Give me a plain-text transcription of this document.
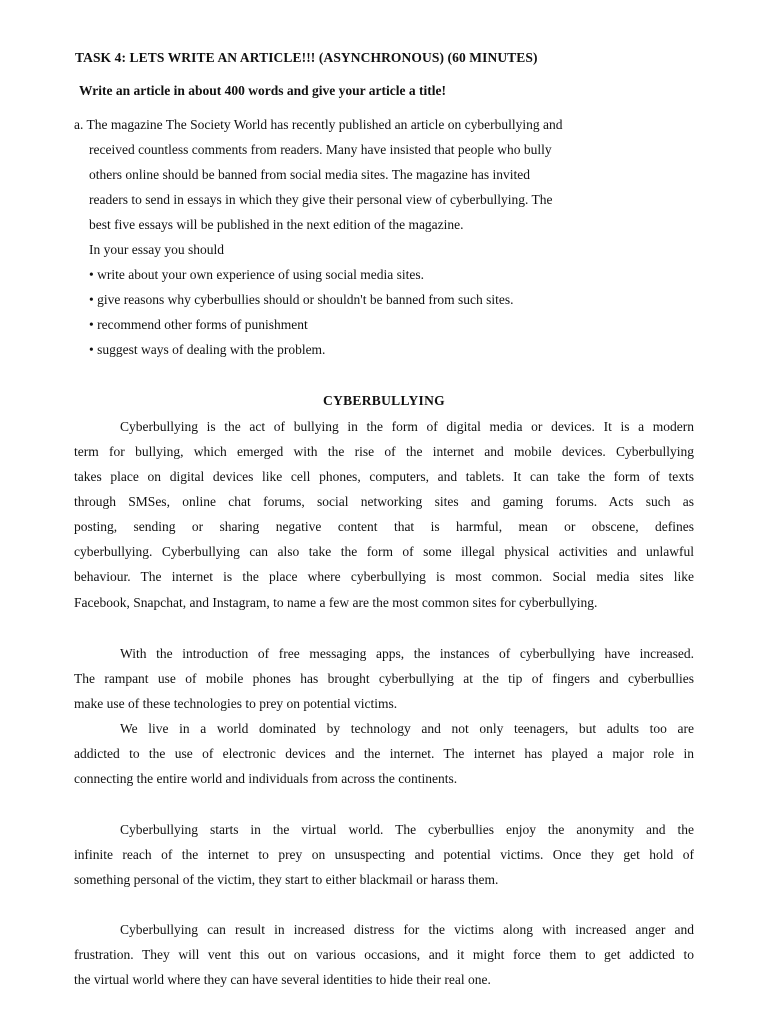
TASK 4: LETS WRITE AN ARTICLE!!! (ASYNCHRONOUS) (60 MINUTES)
Write an article in about 400 words and give your article a title!
a. The magazine The Society World has recently published an article on cyberbullying and
received countless comments from readers. Many have insisted that people who bully
others online should be banned from social media sites. The magazine has invited
readers to send in essays in which they give their personal view of cyberbullying. The
best five essays will be published in the next edition of the magazine.
In your essay you should
• write about your own experience of using social media sites.
• give reasons why cyberbullies should or shouldn't be banned from such sites.
• recommend other forms of punishment
• suggest ways of dealing with the problem.
CYBERBULLYING
Cyberbullying is the act of bullying in the form of digital media or devices. It is a modern
term for bullying, which emerged with the rise of the internet and mobile devices. Cyberbullying
takes place on digital devices like cell phones, computers, and tablets. It can take the form of texts
through SMSes, online chat forums, social networking sites and gaming forums. Acts such as
posting, sending or sharing negative content that is harmful, mean or obscene, defines
cyberbullying. Cyberbullying can also take the form of some illegal physical activities and unlawful
behaviour. The internet is the place where cyberbullying is most common. Social media sites like
Facebook, Snapchat, and Instagram, to name a few are the most common sites for cyberbullying.
With the introduction of free messaging apps, the instances of cyberbullying have increased.
The rampant use of mobile phones has brought cyberbullying at the tip of fingers and cyberbullies
make use of these technologies to prey on potential victims.
We live in a world dominated by technology and not only teenagers, but adults too are
addicted to the use of electronic devices and the internet. The internet has played a major role in
connecting the entire world and individuals from across the continents.
Cyberbullying starts in the virtual world. The cyberbullies enjoy the anonymity and the
infinite reach of the internet to prey on unsuspecting and potential victims. Once they get hold of
something personal of the victim, they start to either blackmail or harass them.
Cyberbullying can result in increased distress for the victims along with increased anger and
frustration. They will vent this out on various occasions, and it might force them to get addicted to
the virtual world where they can have several identities to hide their real one.
